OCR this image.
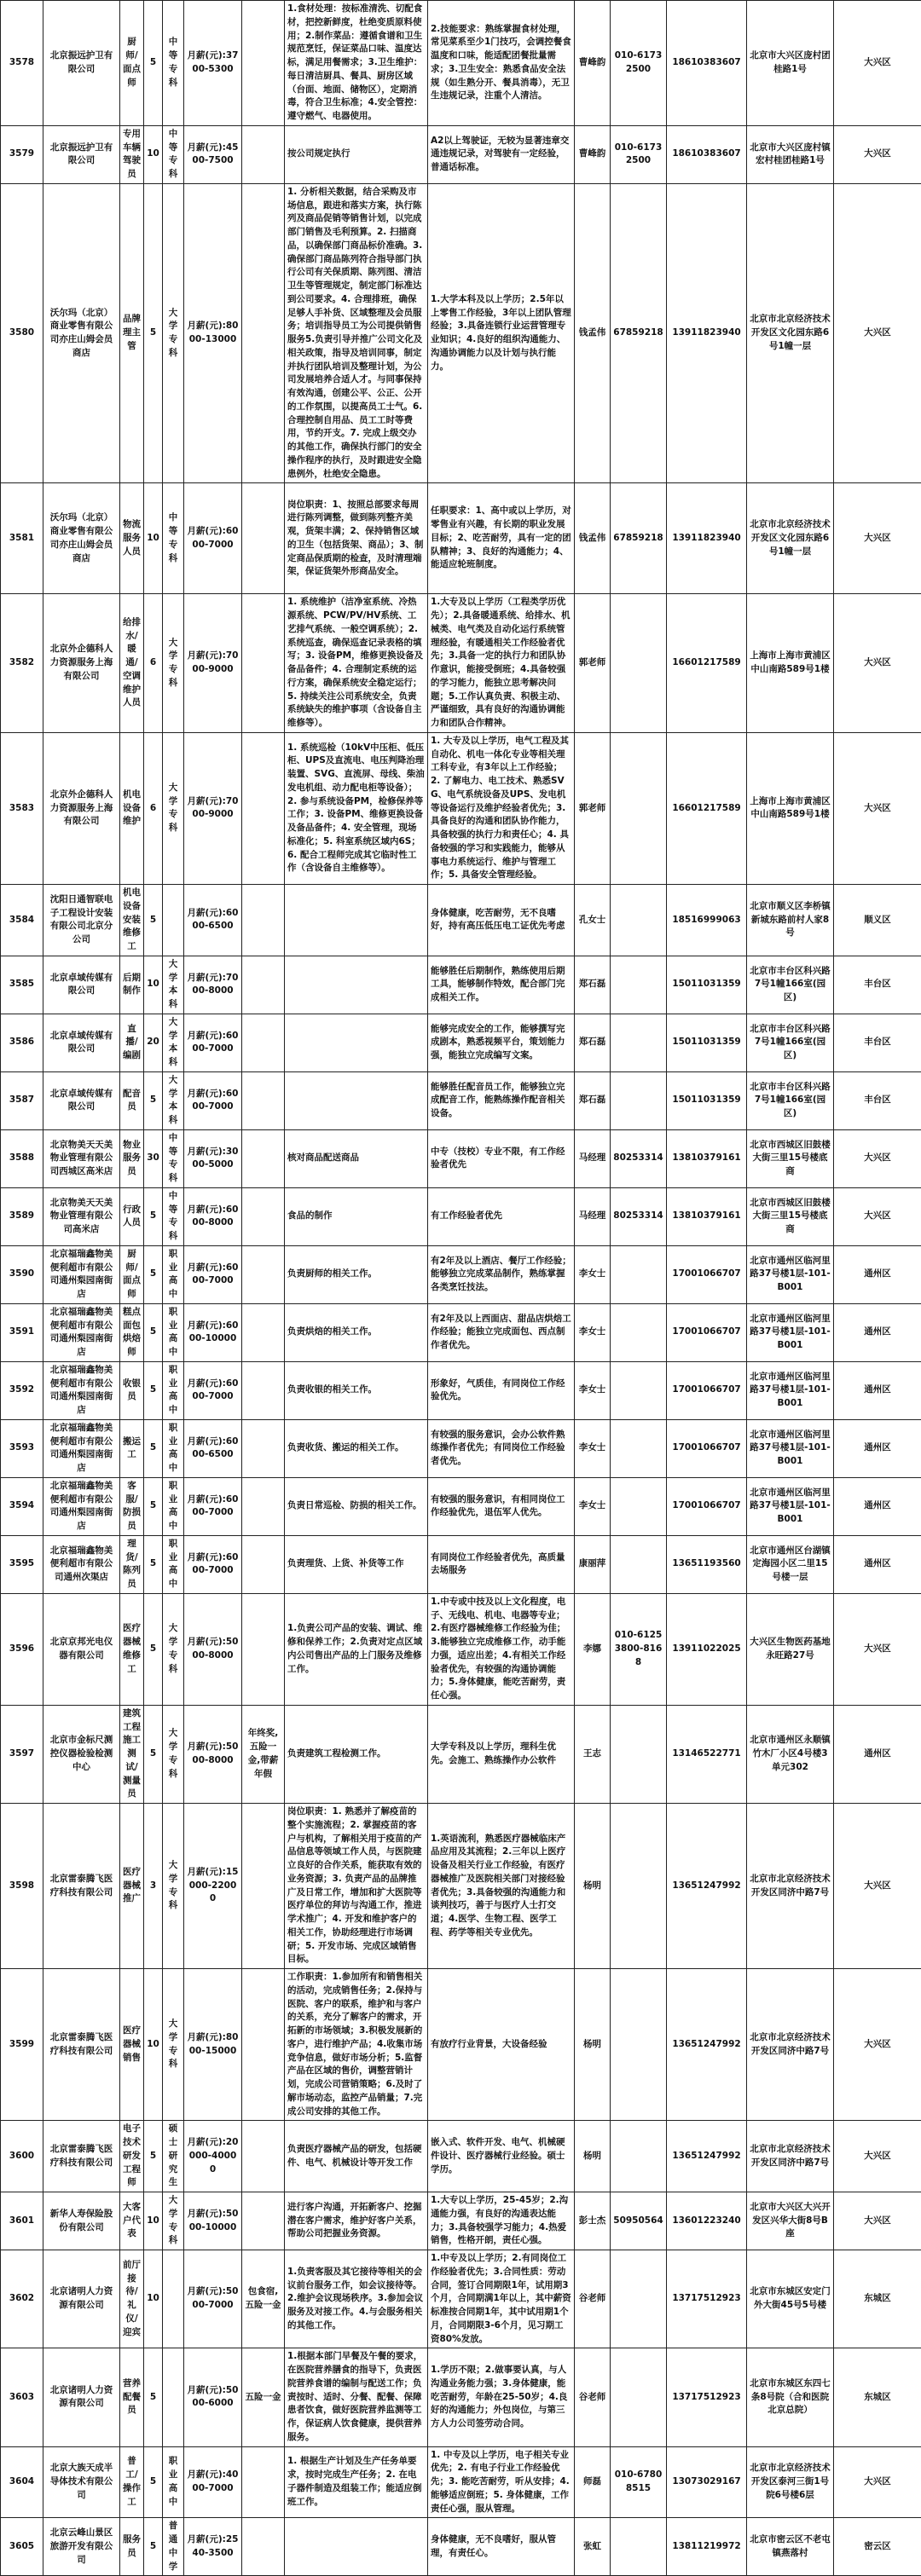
3578	北京振远护卫有限公司	厨师/面点师	5	中等专科	月薪(元):3700-5300		1.食材处理：按标准清洗、切配食材，把控新鲜度，杜绝变质原料使用；2.制作菜品：遵循食谱和卫生规范烹饪，保证菜品口味、温度达标，满足用餐需求；3.卫生维护：每日清洁厨具、餐具、厨房区域（台面、地面、储物区），定期消毒，符合卫生标准；4.安全管控：遵守燃气、电器使用。	2.技能要求：熟练掌握食材处理，常见菜系至少1门技巧，会调控餐食温度和口味，能适配团餐批量需求；3.卫生安全：熟悉食品安全法规（如生熟分开、餐具消毒），无卫生违规记录，注重个人清洁。	曹峰韵	010-61732500	18610383607	北京市大兴区庞村团桂路1号	大兴区
3579	北京振远护卫有限公司	专用车辆驾驶员	10	中等专科	月薪(元):4500-7500		按公司规定执行	A2以上驾驶证，无较为显著违章交通违规记录，对驾驶有一定经验，普通话标准。	曹峰韵	010-61732500	18610383607	北京市大兴区庞村镇宏村桂团桂路1号	大兴区
3580	沃尔玛（北京）商业零售有限公司亦庄山姆会员商店	品牌理主管	5	大学专科	月薪(元):8000-13000		1. 分析相关数据，结合采购及市场信息，跟进和落实方案，执行陈列及商品促销等销售计划，以完成部门销售及毛利预算。2. 扫描商品，以确保部门商品标价准确。3. 确保部门商品陈列符合指导部门执行公司有关保质期、陈列图、清洁卫生等管理规定，制定部门标准达到公司要求。4. 合理排班，确保足够人手补货、区域整理及会员服务；培训指导员工为公司提供销售服务5.负责引导并推广公司文化及相关政策，指导及培训同事，制定并执行团队培训及整理计划，为公司发展培养合适人才。与同事保持有效沟通，创建公平、公正、公开的工作氛围，以提高员工士气。6. 合理控制自用品、员工工时等费用，节约开支。7. 完成上级交办的其他工作，确保执行部门的安全操作程序的执行，及时跟进安全隐患例外，杜绝安全隐患。	1.大学本科及以上学历；2.5年以上零售工作经验，3年以上团队管理经验；3.具备连锁行业运营管理专业知识；4.良好的组织沟通能力、沟通协调能力以及计划与执行能力。	钱孟伟	67859218	13911823940	北京市北京经济技术开发区文化园东路6号1幢一层	大兴区
3581	沃尔玛（北京）商业零售有限公司亦庄山姆会员商店	物流服务人员	10	中等专科	月薪(元):6000-7000		岗位职责：1、按照总部要求每周进行陈列调整，做到陈列整齐美观，货架丰满；2、保持销售区域的卫生（包括货架、商品）；3、制定商品保质期的检查，及时清理端架，保证货架外形商品安全。	任职要求：1、高中或以上学历，对零售业有兴趣，有长期的职业发展目标；2、吃苦耐劳，具有一定的团队精神；3、良好的沟通能力；4、能适应轮班制度。	钱孟伟	67859218	13911823940	北京市北京经济技术开发区文化园东路6号1幢一层	大兴区
3582	北京外企德科人力资源服务上海有限公司	给排水/暖通/空调维护人员	6	大学专科	月薪(元):7000-9000		1. 系统维护（洁净室系统、冷热源系统、PCW/PV/HV系统、工艺排气系统、一般空调系统）；2. 系统巡查，确保巡查记录表格的填写；3. 设备PM，维修更换设备及备品备件；4. 合理制定系统的运行方案，确保系统安全稳定运行；5. 持续关注公司系统安全，负责系统缺失的维护事项（含设备自主维修等）。	1.大专及以上学历（工程类学历优先）；2.具备暖通系统、给排水、机械类、电气类及自动化运行系统管理经验，有暖通相关工作经验者优先；3.具备一定的执行力和团队协作意识，能接受倒班；4.具备较强的学习能力，能独立思考解决问题；5.工作认真负责、积极主动、严谨细致，具有良好的沟通协调能力和团队合作精神。	郭老师		16601217589	上海市上海市黄浦区中山南路589号1楼	大兴区
3583	北京外企德科人力资源服务上海有限公司	机电设备维护	6	大学专科	月薪(元):7000-9000		1. 系统巡检（10kV中压柜、低压柜、UPS及直流电、电压判降治理装置、SVG、直流屏、母线、柴油发电机组、动力配电柜等设备）；2. 参与系统设备PM，检修保养等工作；3. 设备PM、维修更换设备及备品备件；4. 安全管理，现场标准化；5. 科室系统区域内6S；6. 配合工程师完成其它临时性工作（含设备自主维修等）。	1. 大专及以上学历，电气工程及其自动化、机电一体化专业等相关理工科专业，有3年以上工作经验；2. 了解电力、电工技术、熟悉SVG、电气系统设备及UPS、发电机等设备运行及维护经验者优先；3. 具备良好的沟通和团队协作能力，具备较强的执行力和责任心；4. 具备较强的学习和实践能力，能够从事电力系统运行、维护与管理工作；5. 具备安全管理经验。	郭老师		16601217589	上海市上海市黄浦区中山南路589号1楼	大兴区
3584	沈阳日通智联电子工程设计安装有限公司北京分公司	机电设备安装维修工	5		月薪(元):6000-6500			身体健康，吃苦耐劳，无不良嗜好，持有高压低压电工证优先考虑	孔女士		18516999063	北京市顺义区李桥镇新城东路前村人家8号	顺义区
3585	北京卓域传媒有限公司	后期制作	10	大学本科	月薪(元):7000-8000			能够胜任后期制作，熟练使用后期工具，能够制作特效，配合部门完成相关工作。	郑石磊		15011031359	北京市丰台区科兴路7号1幢166室(园区)	丰台区
3586	北京卓域传媒有限公司	直播/编剧	20	大学本科	月薪(元):6000-7000			能够完成安全的工作，能够撰写完成剧本，熟悉视频平台，策划能力强，能独立完成编写文案。	郑石磊		15011031359	北京市丰台区科兴路7号1幢166室(园区)	丰台区
3587	北京卓域传媒有限公司	配音员	5	大学本科	月薪(元):6000-7000			能够胜任配音员工作，能够独立完成配音工作，能熟练操作配音相关设备。	郑石磊		15011031359	北京市丰台区科兴路7号1幢166室(园区)	丰台区
3588	北京物美天天美物业管理有限公司西城区高米店	物业服务员	30	中等专科	月薪(元):3000-5000		核对商品配送商品	中专（技校）专业不限，有工作经验者优先	马经理	80253314	13810379161	北京市西城区旧鼓楼大街三里15号楼底商	大兴区
3589	北京物美天天美物业管理有限公司高米店	行政人员	5	中等专科	月薪(元):6000-8000		食品的制作	有工作经验者优先	马经理	80253314	13810379161	北京市西城区旧鼓楼大街三里15号楼底商	大兴区
3590	北京福瑞鑫物美便利超市有限公司通州梨园南街店	厨师/面点师	5	职业高中	月薪(元):6000-7000		负责厨师的相关工作。	有2年及以上酒店、餐厅工作经验；能够独立完成菜品制作，熟练掌握各类烹饪技法。	李女士		17001066707	北京市通州区临河里路37号楼1层-101-B001	通州区
3591	北京福瑞鑫物美便利超市有限公司通州梨园南街店	糕点面包烘焙师	5	职业高中	月薪(元):6000-10000		负责烘焙的相关工作。	有2年及以上西面店、甜品店烘焙工作经验；能独立完成面包、西点制作者优先。	李女士		17001066707	北京市通州区临河里路37号楼1层-101-B001	通州区
3592	北京福瑞鑫物美便利超市有限公司通州梨园南街店	收银员	5	职业高中	月薪(元):6000-7000		负责收银的相关工作。	形象好，气质佳，有同岗位工作经验优先。	李女士		17001066707	北京市通州区临河里路37号楼1层-101-B001	通州区
3593	北京福瑞鑫物美便利超市有限公司通州梨园南街店	搬运工	5	职业高中	月薪(元):6000-6500		负责收货、搬运的相关工作。	有较强的服务意识，会办公软件熟练操作者优先；有同岗位工作经验者优先。	李女士		17001066707	北京市通州区临河里路37号楼1层-101-B001	通州区
3594	北京福瑞鑫物美便利超市有限公司通州梨园南街店	客服/防损员	5	职业高中	月薪(元):6000-7000		负责日常巡检、防损的相关工作。	有较强的服务意识，有相同岗位工作经验优先，退伍军人优先。	李女士		17001066707	北京市通州区临河里路37号楼1层-101-B001	通州区
3595	北京福瑞鑫物美便利超市有限公司通州次渠店	理货/陈列员	5	职业高中	月薪(元):6000-7000		负责理货、上货、补货等工作	有同岗位工作经验者优先，高质量去场服务	康丽萍		13651193560	北京市通州区台湖镇定海园小区二里15号楼一层	通州区
3596	北京京邦光电仪器有限公司	医疗器械维修工	5	大学专科	月薪(元):5000-8000		1.负责公司产品的安装、调试、维修和保养工作；2.负责对定点区域内公司售出产品的上门服务及维修工作。	1.中专或中技及以上文化程度，电子、无线电、机电、电器等专业；2.有医疗器械维修工作经验为佳；3.能够独立完成维修工作，动手能力强，适应出差；4.有相关工作经验者优先，有较强的沟通协调能力；5.身体健康，能吃苦耐劳，责任心强。	李娜	010-61253800-8168	13911022025	大兴区生物医药基地永旺路27号	大兴区
3597	北京市金标尺测控仪器检验检测中心	建筑工程施工测试/测量员	5	大学专科	月薪(元):5000-8000	年终奖,五险一金,带薪年假	负责建筑工程检测工作。	大学专科及以上学历，理科生优先。会施工、熟练操作办公软件	王志		13146522771	北京市通州区永顺镇竹木厂小区4号楼3单元302	通州区
3598	北京雷泰腾飞医疗科技有限公司	医疗器械推广	3	大学专科	月薪(元):15000-22000		岗位职责：1. 熟悉并了解疫苗的整个实施流程；2. 掌握疫苗的客户与机构，了解相关用于疫苗的产品信息等领域工作人员，与医院建立良好的合作关系，能获取有效的业务资源；3. 负责产品的品牌推广及日常工作，增加和扩大医院等医疗单位的拜访与沟通工作，推进学术推广；4. 开发和维护客户的相关工作，协助经理进行市场调研；5. 开发市场、完成区域销售目标。	1.英语流利，熟悉医疗器械临床产品应用及其流程；2.三年以上医疗设备及相关行业工作经验，有医疗器械推广及医院相关部门对接经验者优先；3.具备较强的沟通能力和谈判技巧，善于与医疗人士打交道；4.医学、生物工程、医学工程、药学等相关专业优先。	杨明		13651247992	北京市北京经济技术开发区同济中路7号	大兴区
3599	北京雷泰腾飞医疗科技有限公司	医疗器械销售	10	大学专科	月薪(元):8000-15000		工作职责：1.参加所有和销售相关的活动，完成销售任务；2.保持与医院、客户的联系，维护和与客户的关系，充分了解客户的需求，开拓新的市场领域；3.积极发展新的客户，进行维护产品；4.收集市场竞争信息，做好市场分析；5.监督产品在区域的售价，调整营销计划，完成公司营销策略；6.及时了解市场动态，监控产品销量；7.完成公司安排的其他工作。	有放疗行业背景，大设备经验	杨明		13651247992	北京市北京经济技术开发区同济中路7号	大兴区
3600	北京雷泰腾飞医疗科技有限公司	电子技术研发工程师	5	硕士研究生	月薪(元):20000-40000		负责医疗器械产品的研发，包括硬件、电气、机械设计等开发工作	嵌入式、软件开发、电气、机械硬件设计、医疗器械行业经验。硕士学历。	杨明		13651247992	北京市北京经济技术开发区同济中路7号	大兴区
3601	新华人寿保险股份有限公司	大客户代表	10	大学专科	月薪(元):5000-10000		进行客户沟通，开拓新客户、挖掘潜在客户需求，维护好客户关系，帮助公司把握业务资源。	1.大专以上学历，25-45岁；2.沟通能力强，有良好的沟通表达能力；3.具备较强学习能力；4.热爱销售，性格开朗，责任心强。	彭士杰	50950564	13601223240	北京市大兴区大兴开发区兴华大街8号B座	大兴区
3602	北京诸明人力资源有限公司	前厅接待/礼仪/迎宾	10		月薪(元):5000-7000	包食宿,五险一金	1.负责客服及其它接待等相关的会议前台服务工作，如会议接待等。2.维护会议现场秩序。3.参加会议服务及对接工作。4.与会服务相关的其他工作。	1.中专及以上学历；2.有同岗位工作经验者优先；3.合同性质：劳动合同，签订合同期限1年，试用期3个月，合同期满1年以上，其中薪资标准按合同期1年，其中试用期1个月，合同期限3-6个月，见习期工资80%发放。	谷老师		13717512923	北京市东城区安定门外大街45号5号楼	东城区
3603	北京诸明人力资源有限公司	营养配餐员	5		月薪(元):5000-6000	五险一金	1.根据本部门早餐及午餐的要求，在医院营养膳食的指导下，负责医院营养食谱的编制与配送工作；负责按时、适时、分餐、配餐、保障患者饮食，做好医院营养监测等工作，保证病人饮食健康，提供营养服务。	1.学历不限；2.做事要认真，与人沟通业务能力强；3.身体健康，能吃苦耐劳，年龄在25-50岁；4.良好的沟通能力；外包岗位，与第三方人力公司签劳动合同。	谷老师		13717512923	北京市东城区东四七条8号院（合和医院北京总院）	东城区
3604	北京大族天成半导体技术有限公司	普工/操作工	5	职业高中	月薪(元):4000-7000		1. 根据生产计划及生产任务单要求，按时完成生产任务；2. 在电子器件制造及组装工作；能适应倒班工作。	1. 中专及以上学历，电子相关专业优先；2. 有电子行业工作经验优先；3. 能吃苦耐劳，听从安排；4. 能够适应倒班；5. 身体健康，工作责任心强，服从管理。	师磊	010-67808515	13073029167	北京市北京经济技术开发区泰河三街1号院6号楼6层	大兴区
3605	北京云峰山景区旅游开发有限公司	服务员	5	普通中学	月薪(元):2540-3500			身体健康，无不良嗜好，服从管理，有责任心。	张虹		13811219972	北京市密云区不老屯镇燕落村	密云区
